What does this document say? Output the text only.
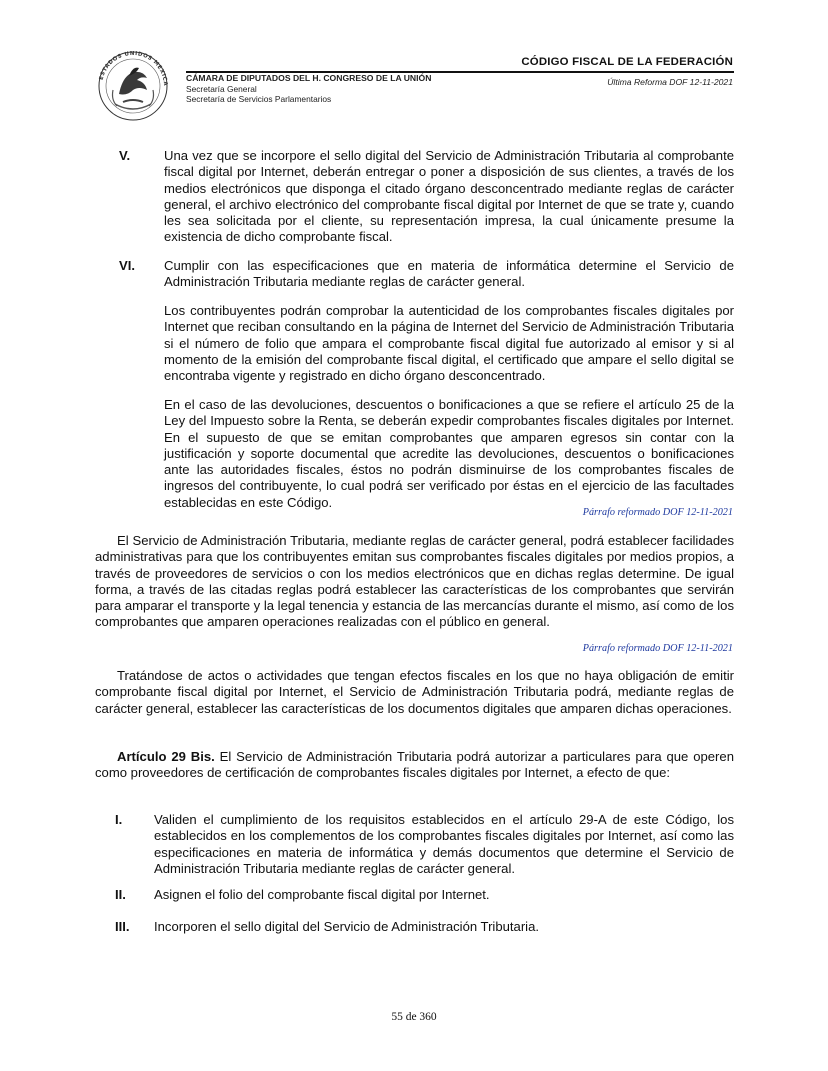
ESTADOS UNIDOS MEXICA
CÓDIGO FISCAL DE LA FEDERACIÓN
Última Reforma DOF 12-11-2021
CÁMARA DE DIPUTADOS DEL H. CONGRESO DE LA UNIÓN
Secretaría General
Secretaría de Servicios Parlamentarios
V.	Una vez que se incorpore el sello digital del Servicio de Administración Tributaria al comprobante fiscal digital por Internet, deberán entregar o poner a disposición de sus clientes, a través de los medios electrónicos que disponga el citado órgano desconcentrado mediante reglas de carácter general, el archivo electrónico del comprobante fiscal digital por Internet de que se trate y, cuando les sea solicitada por el cliente, su representación impresa, la cual únicamente presume la existencia de dicho comprobante fiscal.
VI. Cumplir con las especificaciones que en materia de informática determine el Servicio de Administración Tributaria mediante reglas de carácter general.
Los contribuyentes podrán comprobar la autenticidad de los comprobantes fiscales digitales por Internet que reciban consultando en la página de Internet del Servicio de Administración Tributaria si el número de folio que ampara el comprobante fiscal digital fue autorizado al emisor y si al momento de la emisión del comprobante fiscal digital, el certificado que ampare el sello digital se encontraba vigente y registrado en dicho órgano desconcentrado.
En el caso de las devoluciones, descuentos o bonificaciones a que se refiere el artículo 25 de la Ley del Impuesto sobre la Renta, se deberán expedir comprobantes fiscales digitales por Internet. En el supuesto de que se emitan comprobantes que amparen egresos sin contar con la justificación y soporte documental que acredite las devoluciones, descuentos o bonificaciones ante las autoridades fiscales, éstos no podrán disminuirse de los comprobantes fiscales de ingresos del contribuyente, lo cual podrá ser verificado por éstas en el ejercicio de las facultades establecidas en este Código.
Párrafo reformado DOF 12-11-2021
El Servicio de Administración Tributaria, mediante reglas de carácter general, podrá establecer facilidades administrativas para que los contribuyentes emitan sus comprobantes fiscales digitales por medios propios, a través de proveedores de servicios o con los medios electrónicos que en dichas reglas determine. De igual forma, a través de las citadas reglas podrá establecer las características de los comprobantes que servirán para amparar el transporte y la legal tenencia y estancia de las mercancías durante el mismo, así como de los comprobantes que amparen operaciones realizadas con el público en general.
Párrafo reformado DOF 12-11-2021
Tratándose de actos o actividades que tengan efectos fiscales en los que no haya obligación de emitir comprobante fiscal digital por Internet, el Servicio de Administración Tributaria podrá, mediante reglas de carácter general, establecer las características de los documentos digitales que amparen dichas operaciones.
Artículo 29 Bis. El Servicio de Administración Tributaria podrá autorizar a particulares para que operen como proveedores de certificación de comprobantes fiscales digitales por Internet, a efecto de que:
I. Validen el cumplimiento de los requisitos establecidos en el artículo 29-A de este Código, los establecidos en los complementos de los comprobantes fiscales digitales por Internet, así como las especificaciones en materia de informática y demás documentos que determine el Servicio de Administración Tributaria mediante reglas de carácter general.
II. Asignen el folio del comprobante fiscal digital por Internet.
III. Incorporen el sello digital del Servicio de Administración Tributaria.
55 de 360
